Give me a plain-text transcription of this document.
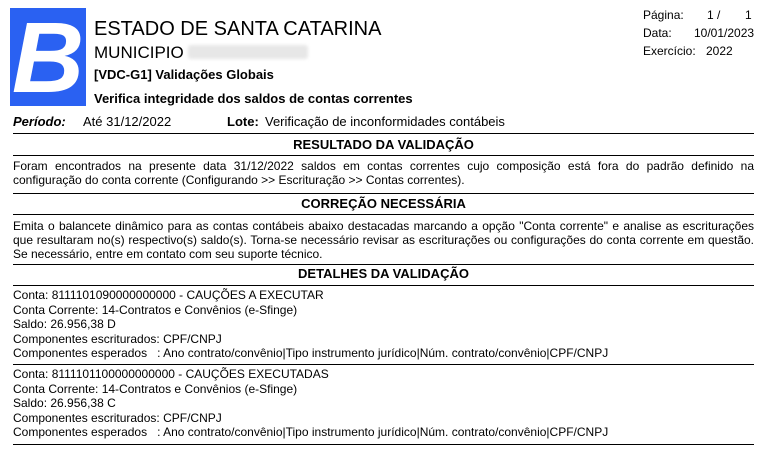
B ESTADO DE SANTA CATARINA
MUNICIPIO
[VDC-G1] Validações Globais
Verifica integridade dos saldos de contas correntes
Página: 1 / 1
Data: 10/01/2023
Exercício: 2022
Período: Até 31/12/2022	Lote: Verificação de inconformidades contábeis
RESULTADO DA VALIDAÇÃO
Foram encontrados na presente data 31/12/2022 saldos em contas correntes cujo composição está fora do padrão definido na
configuração do conta corrente (Configurando >> Escrituração >> Contas correntes).
CORREÇÃO NECESSÁRIA
Emita o balancete dinâmico para as contas contábeis abaixo destacadas marcando a opção "Conta corrente" e analise as escriturações
que resultaram no(s) respectivo(s) saldo(s). Torna-se necessário revisar as escriturações ou configurações do conta corrente em questão.
Se necessário, entre em contato com seu suporte técnico.
DETALHES DA VALIDAÇÃO
Conta: 8111101090000000000 - CAUÇÕES A EXECUTAR
Conta Corrente: 14-Contratos e Convênios (e-Sfinge)
Saldo: 26.956,38 D
Componentes escriturados: CPF/CNPJ
Componentes esperados   : Ano contrato/convênio|Tipo instrumento jurídico|Núm. contrato/convênio|CPF/CNPJ
Conta: 8111101100000000000 - CAUÇÕES EXECUTADAS
Conta Corrente: 14-Contratos e Convênios (e-Sfinge)
Saldo: 26.956,38 C
Componentes escriturados: CPF/CNPJ
Componentes esperados   : Ano contrato/convênio|Tipo instrumento jurídico|Núm. contrato/convênio|CPF/CNPJ
